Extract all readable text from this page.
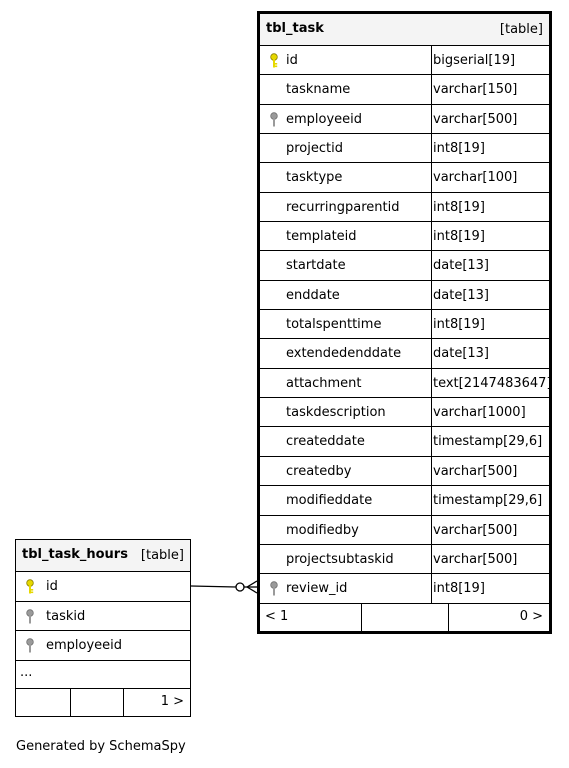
tbl_task	[table]
id	bigserial[19]
taskname	varchar[150]
employeeid	varchar[500]
projectid	int8[19]
tasktype	varchar[100]
recurringparentid	int8[19]
templateid	int8[19]
startdate	date[13]
enddate	date[13]
totalspenttime	int8[19]
extendedenddate date[13]
attachment	text[2147483647]
taskdescription	varchar[1000]
createddate	timestamp[29,6]
createdby	varchar[500]
modifieddate	timestamp[29,6]
modifiedby	varchar[500]
projectsubtaskid	varchar[500]
review_id	int8[19]
< 1	0 >
tbl_task_hours [table]
id
taskid
employeeid
...
1 >
Generated by SchemaSpy
